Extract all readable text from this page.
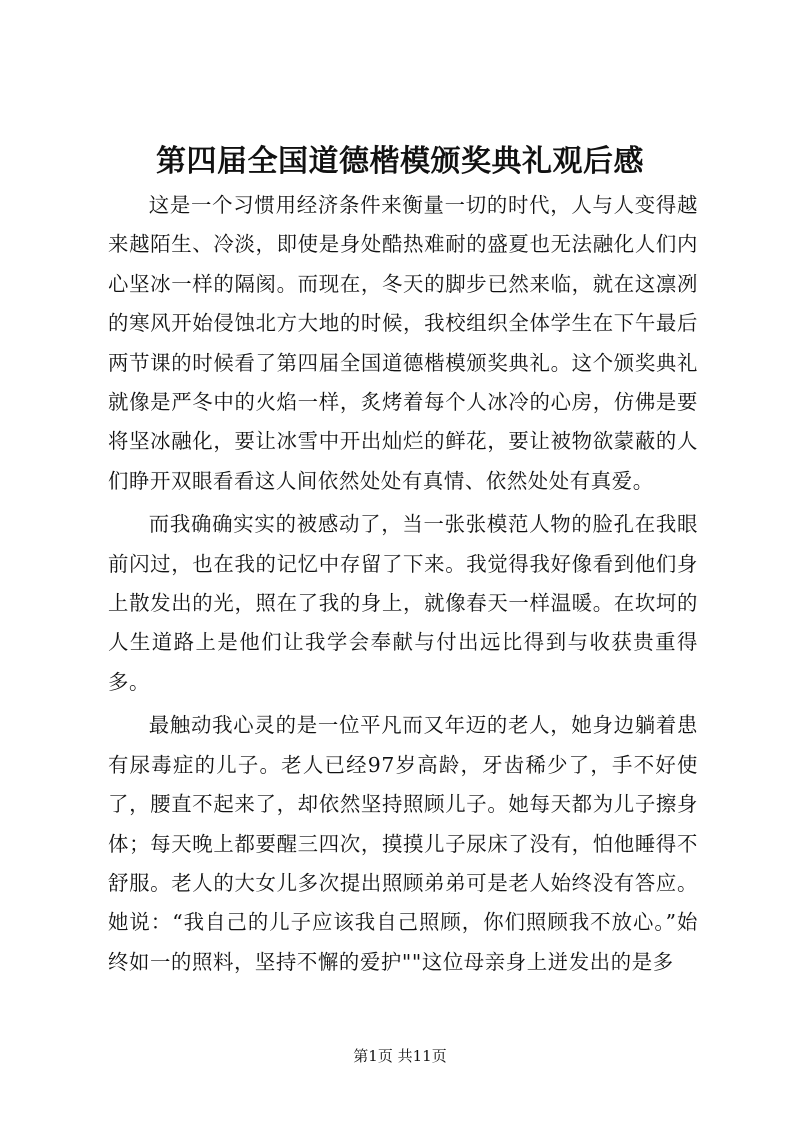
第四届全国道德楷模颁奖典礼观后感

这是一个习惯用经济条件来衡量一切的时代，人与人变得越来越陌生、冷淡，即使是身处酷热难耐的盛夏也无法融化人们内心坚冰一样的隔阂。而现在，冬天的脚步已然来临，就在这凛冽的寒风开始侵蚀北方大地的时候，我校组织全体学生在下午最后两节课的时候看了第四届全国道德楷模颁奖典礼。这个颁奖典礼就像是严冬中的火焰一样，炙烤着每个人冰冷的心房，仿佛是要将坚冰融化，要让冰雪中开出灿烂的鲜花，要让被物欲蒙蔽的人们睁开双眼看看这人间依然处处有真情、依然处处有真爱。

而我确确实实的被感动了，当一张张模范人物的脸孔在我眼前闪过，也在我的记忆中存留了下来。我觉得我好像看到他们身上散发出的光，照在了我的身上，就像春天一样温暖。在坎坷的人生道路上是他们让我学会奉献与付出远比得到与收获贵重得多。

最触动我心灵的是一位平凡而又年迈的老人，她身边躺着患有尿毒症的儿子。老人已经97岁高龄，牙齿稀少了，手不好使了，腰直不起来了，却依然坚持照顾儿子。她每天都为儿子擦身体；每天晚上都要醒三四次，摸摸儿子尿床了没有，怕他睡得不舒服。老人的大女儿多次提出照顾弟弟可是老人始终没有答应。她说：“我自己的儿子应该我自己照顾，你们照顾我不放心。”始终如一的照料，坚持不懈的爱护""这位母亲身上迸发出的是多

第1页 共11页
